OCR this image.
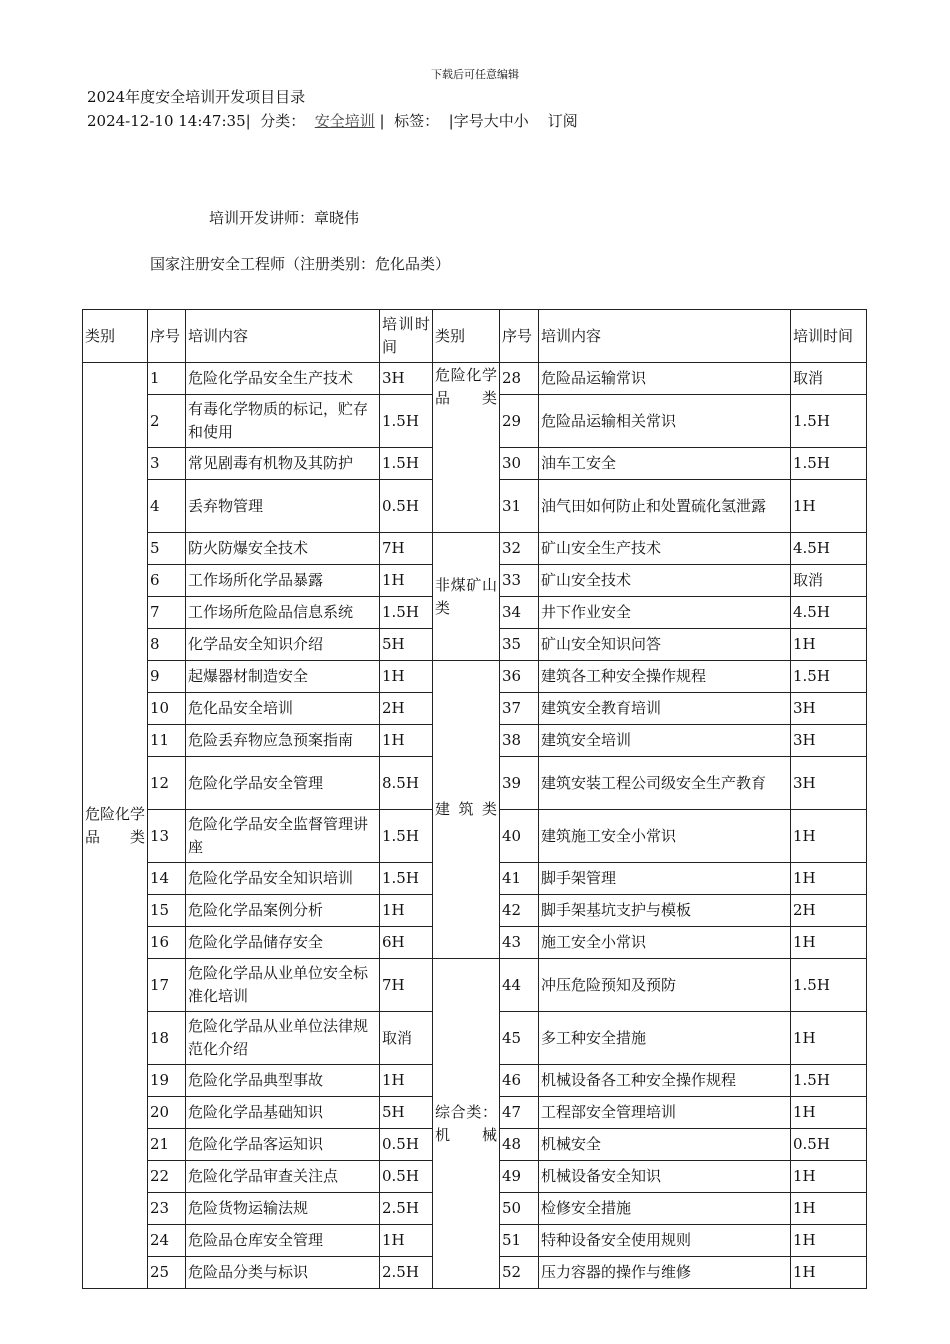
下载后可任意编辑
2024年度安全培训开发项目目录
2024-12-10 14:47:35|  分类：  安全培训 |  标签：  |字号大中小    订阅
培训开发讲师：章晓伟
国家注册安全工程师（注册类别：危化品类）
类别	序号	培训内容	培训时间	类别	序号	培训内容	培训时间
危险化学品类	1	危险化学品安全生产技术	3H	危险化学品类	28	危险品运输常识	取消
	2	有毒化学物质的标记，贮存和使用	1.5H		29	危险品运输相关常识	1.5H
	3	常见剧毒有机物及其防护	1.5H		30	油车工安全	1.5H
	4	丢弃物管理	0.5H		31	油气田如何防止和处置硫化氢泄露	1H
	5	防火防爆安全技术	7H	非煤矿山类	32	矿山安全生产技术	4.5H
	6	工作场所化学品暴露	1H		33	矿山安全技术	取消
	7	工作场所危险品信息系统	1.5H		34	井下作业安全	4.5H
	8	化学品安全知识介绍	5H		35	矿山安全知识问答	1H
	9	起爆器材制造安全	1H	建筑类	36	建筑各工种安全操作规程	1.5H
	10	危化品安全培训	2H		37	建筑安全教育培训	3H
	11	危险丢弃物应急预案指南	1H		38	建筑安全培训	3H
	12	危险化学品安全管理	8.5H		39	建筑安装工程公司级安全生产教育	3H
	13	危险化学品安全监督管理讲座	1.5H		40	建筑施工安全小常识	1H
	14	危险化学品安全知识培训	1.5H		41	脚手架管理	1H
	15	危险化学品案例分析	1H		42	脚手架基坑支护与模板	2H
	16	危险化学品储存安全	6H		43	施工安全小常识	1H
	17	危险化学品从业单位安全标准化培训	7H	综合类：机械	44	冲压危险预知及预防	1.5H
	18	危险化学品从业单位法律规范化介绍	取消		45	多工种安全措施	1H
	19	危险化学品典型事故	1H		46	机械设备各工种安全操作规程	1.5H
	20	危险化学品基础知识	5H		47	工程部安全管理培训	1H
	21	危险化学品客运知识	0.5H		48	机械安全	0.5H
	22	危险化学品审查关注点	0.5H		49	机械设备安全知识	1H
	23	危险货物运输法规	2.5H		50	检修安全措施	1H
	24	危险品仓库安全管理	1H		51	特种设备安全使用规则	1H
	25	危险品分类与标识	2.5H		52	压力容器的操作与维修	1H
